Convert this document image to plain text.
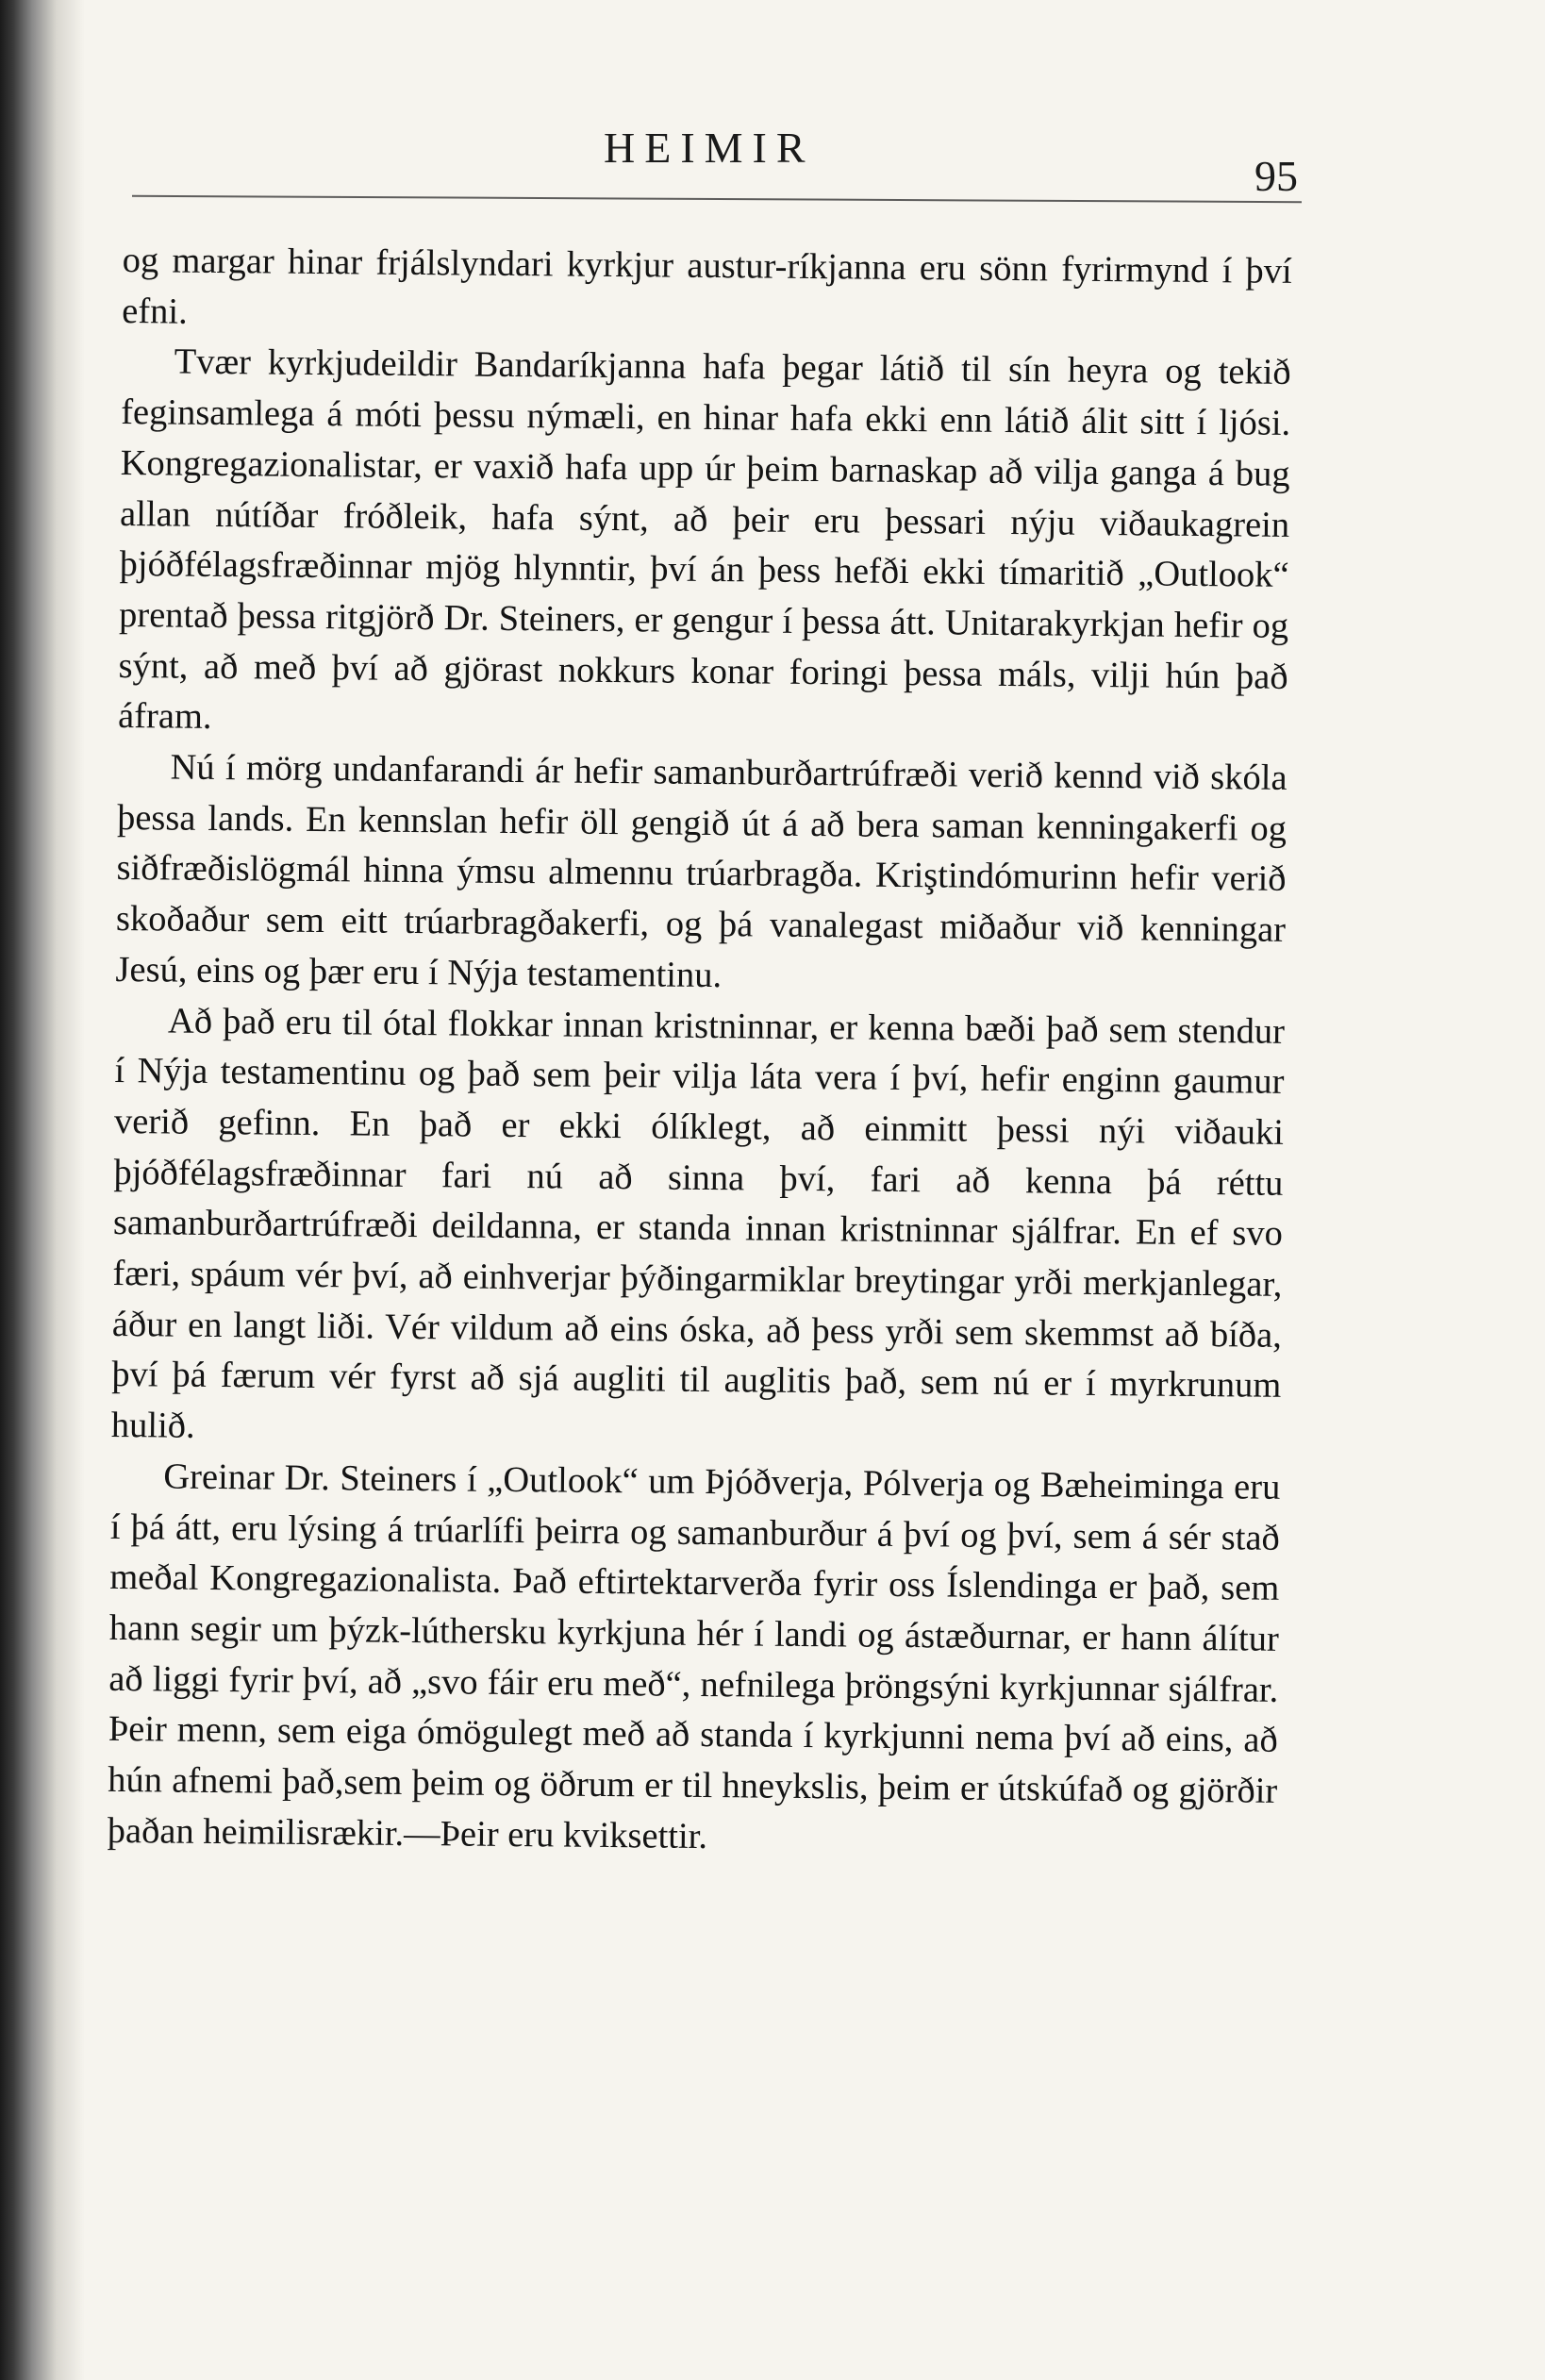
HEIMIR
95

og margar hinar frjálslyndari kyrkjur austur-ríkjanna eru sönn fyrirmynd í því efni.

Tvær kyrkjudeildir Bandaríkjanna hafa þegar látið til sín heyra og tekið feginsamlega á móti þessu nýmæli, en hinar hafa ekki enn látið álit sitt í ljósi. Kongregazionalistar, er vaxið hafa upp úr þeim barnaskap að vilja ganga á bug allan nútíðar fróðleik, hafa sýnt, að þeir eru þessari nýju viðaukagrein þjóðfélagsfræðinnar mjög hlynntir, því án þess hefði ekki tímaritið „Outlook“ prentað þessa ritgjörð Dr. Steiners, er gengur í þessa átt. Unitarakyrkjan hefir og sýnt, að með því að gjörast nokkurs konar foringi þessa máls, vilji hún það áfram.

Nú í mörg undanfarandi ár hefir samanburðartrúfræði verið kennd við skóla þessa lands. En kennslan hefir öll gengið út á að bera saman kenningakerfi og siðfræðislögmál hinna ýmsu almennu trúarbragða. Kriştindómurinn hefir verið skoðaður sem eitt trúarbragðakerfi, og þá vanalegast miðaður við kenningar Jesú, eins og þær eru í Nýja testamentinu.

Að það eru til ótal flokkar innan kristninnar, er kenna bæði það sem stendur í Nýja testamentinu og það sem þeir vilja láta vera í því, hefir enginn gaumur verið gefinn. En það er ekki ólíklegt, að einmitt þessi nýi viðauki þjóðfélagsfræðinnar fari nú að sinna því, fari að kenna þá réttu samanburðartrúfræði deildanna, er standa innan kristninnar sjálfrar. En ef svo færi, spáum vér því, að einhverjar þýðingarmiklar breytingar yrði merkjanlegar, áður en langt liði. Vér vildum að eins óska, að þess yrði sem skemmst að bíða, því þá færum vér fyrst að sjá augliti til auglitis það, sem nú er í myrkrunum hulið.

Greinar Dr. Steiners í „Outlook“ um Þjóðverja, Pólverja og Bæheiminga eru í þá átt, eru lýsing á trúarlífi þeirra og samanburður á því og því, sem á sér stað meðal Kongregazionalista. Það eftirtektarverða fyrir oss Íslendinga er það, sem hann segir um þýzk-lúthersku kyrkjuna hér í landi og ástæðurnar, er hann álítur að liggi fyrir því, að „svo fáir eru með“, nefnilega þröngsýni kyrkjunnar sjálfrar. Þeir menn, sem eiga ómögulegt með að standa í kyrkjunni nema því að eins, að hún afnemi það,sem þeim og öðrum er til hneykslis, þeim er útskúfað og gjörðir þaðan heimilisrækir.—Þeir eru kviksettir.
